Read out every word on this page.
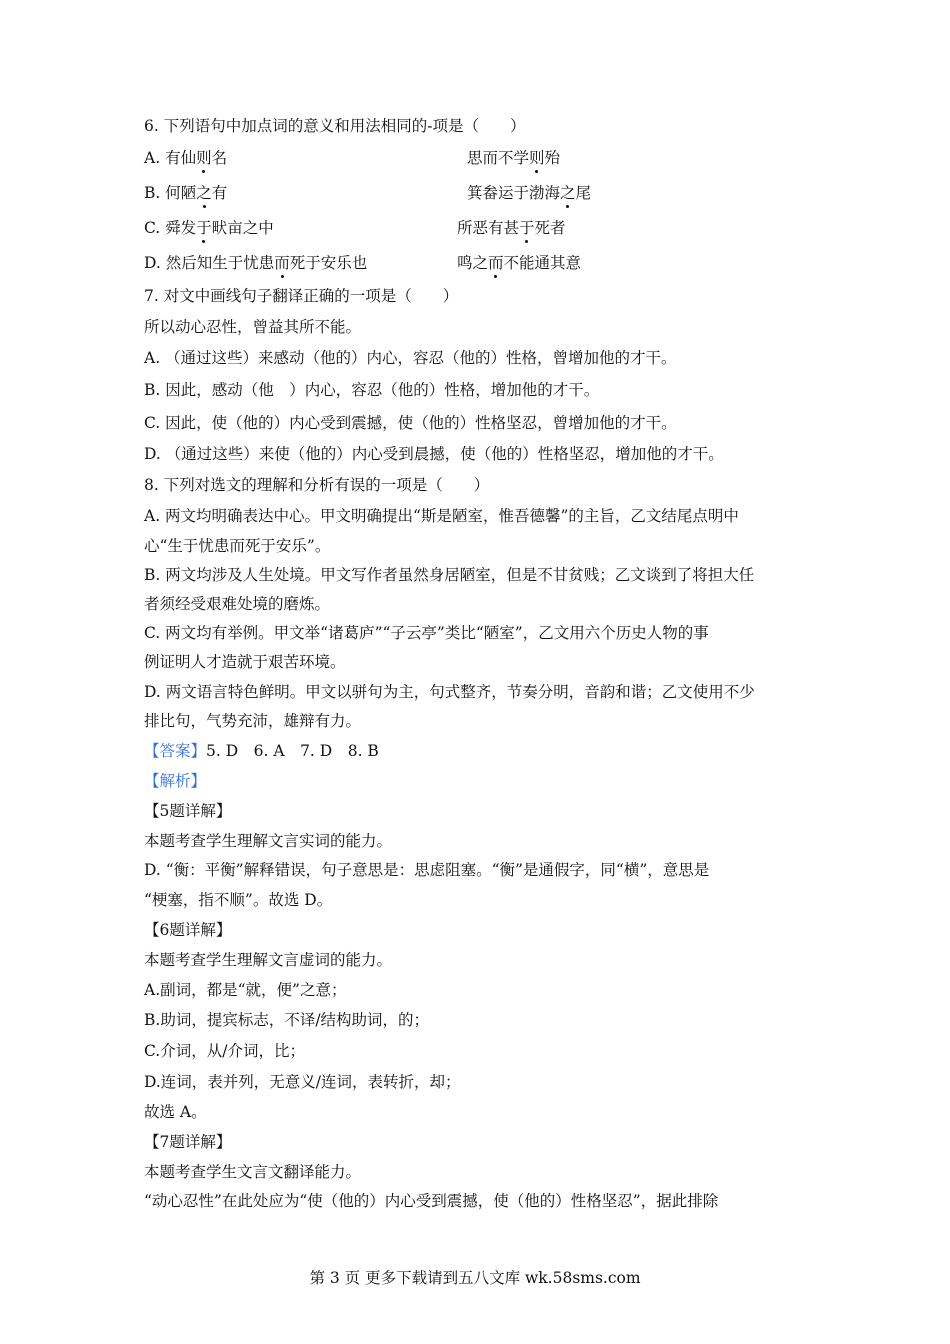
6. 下列语句中加点词的意义和用法相同的-项是（　　）
A. 有仙则名	思而不学则殆
B. 何陋之有	箕畚运于渤海之尾
C. 舜发于畎亩之中	所恶有甚于死者
D. 然后知生于忧患而死于安乐也	鸣之而不能通其意
7. 对文中画线句子翻译正确的一项是（　　）
所以动心忍性，曾益其所不能。
A. （通过这些）来感动（他的）内心，容忍（他的）性格，曾增加他的才干。
B. 因此，感动（他　）内心，容忍（他的）性格，增加他的才干。
C. 因此，使（他的）内心受到震撼，使（他的）性格坚忍，曾增加他的才干。
D. （通过这些）来使（他的）内心受到晨撼，使（他的）性格坚忍，增加他的才干。
8. 下列对选文的理解和分析有误的一项是（　　）
A. 两文均明确表达中心。甲文明确提出“斯是陋室，惟吾德馨”的主旨，乙文结尾点明中
心“生于忧患而死于安乐”。
B. 两文均涉及人生处境。甲文写作者虽然身居陋室，但是不甘贫贱；乙文谈到了将担大任
者须经受艰难处境的磨炼。
C. 两文均有举例。甲文举“诸葛庐”“子云亭”类比“陋室”，乙文用六个历史人物的事
例证明人才造就于艰苦环境。
D. 两文语言特色鲜明。甲文以骈句为主，句式整齐，节奏分明，音韵和谐；乙文使用不少
排比句，气势充沛，雄辩有力。
【答案】5. D　6. A　7. D　8. B
【解析】
【5题详解】
本题考查学生理解文言实词的能力。
D. “衡：平衡”解释错误，句子意思是：思虑阻塞。“衡”是通假字，同“横”，意思是
“梗塞，指不顺”。故选 D。
【6题详解】
本题考查学生理解文言虚词的能力。
A.副词，都是“就，便”之意；
B.助词，提宾标志，不译/结构助词，的；
C.介词，从/介词，比；
D.连词，表并列，无意义/连词，表转折，却；
故选 A。
【7题详解】
本题考查学生文言文翻译能力。
“动心忍性”在此处应为“使（他的）内心受到震撼，使（他的）性格坚忍”，据此排除
第 3 页 更多下载请到五八文库 wk.58sms.com
